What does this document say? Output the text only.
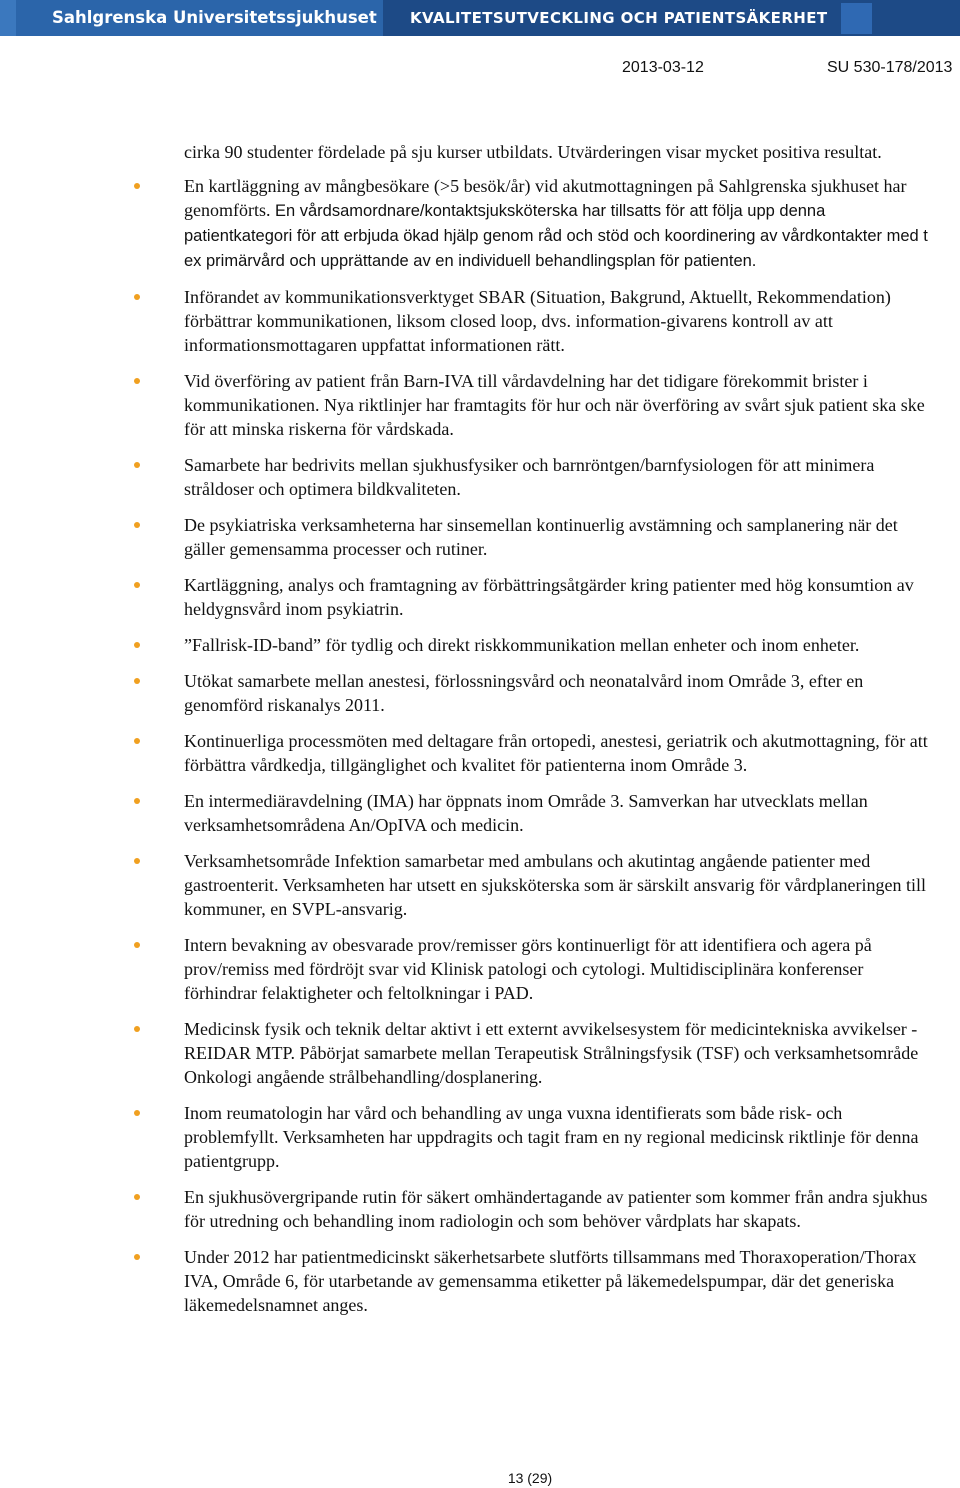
Sahlgrenska Universitetssjukhuset	KVALITETSUTVECKLING OCH PATIENTSÄKERHET
2013-03-12	SU 530-178/2013

cirka 90 studenter fördelade på sju kurser utbildats. Utvärderingen visar mycket positiva resultat.

En kartläggning av mångbesökare (>5 besök/år) vid akutmottagningen på Sahlgrenska sjukhuset har genomförts. En vårdsamordnare/kontaktsjuksköterska har tillsatts för att följa upp denna patientkategori för att erbjuda ökad hjälp genom råd och stöd och koordinering av vårdkontakter med t ex primärvård och upprättande av en individuell behandlingsplan för patienten.

Införandet av kommunikationsverktyget SBAR (Situation, Bakgrund, Aktuellt, Rekommendation) förbättrar kommunikationen, liksom closed loop, dvs. information-givarens kontroll av att informationsmottagaren uppfattat informationen rätt.

Vid överföring av patient från Barn-IVA till vårdavdelning har det tidigare förekommit brister i kommunikationen. Nya riktlinjer har framtagits för hur och när överföring av svårt sjuk patient ska ske för att minska riskerna för vårdskada.

Samarbete har bedrivits mellan sjukhusfysiker och barnröntgen/barnfysiologen för att minimera stråldoser och optimera bildkvaliteten.

De psykiatriska verksamheterna har sinsemellan kontinuerlig avstämning och samplanering när det gäller gemensamma processer och rutiner.

Kartläggning, analys och framtagning av förbättringsåtgärder kring patienter med hög konsumtion av heldygnsvård inom psykiatrin.

”Fallrisk-ID-band” för tydlig och direkt riskkommunikation mellan enheter och inom enheter.

Utökat samarbete mellan anestesi, förlossningsvård och neonatalvård inom Område 3, efter en genomförd riskanalys 2011.

Kontinuerliga processmöten med deltagare från ortopedi, anestesi, geriatrik och akutmottagning, för att förbättra vårdkedja, tillgänglighet och kvalitet för patienterna inom Område 3.

En intermediäravdelning (IMA) har öppnats inom Område 3. Samverkan har utvecklats mellan verksamhetsområdena An/OpIVA och medicin.

Verksamhetsområde Infektion samarbetar med ambulans och akutintag angående patienter med gastroenterit. Verksamheten har utsett en sjuksköterska som är särskilt ansvarig för vårdplaneringen till kommuner, en SVPL-ansvarig.

Intern bevakning av obesvarade prov/remisser görs kontinuerligt för att identifiera och agera på prov/remiss med fördröjt svar vid Klinisk patologi och cytologi. Multidisciplinära konferenser förhindrar felaktigheter och feltolkningar i PAD.

Medicinsk fysik och teknik deltar aktivt i ett externt avvikelsesystem för medicintekniska avvikelser - REIDAR MTP. Påbörjat samarbete mellan Terapeutisk Strålningsfysik (TSF) och verksamhetsområde Onkologi angående strålbehandling/dosplanering.

Inom reumatologin har vård och behandling av unga vuxna identifierats som både risk- och problemfyllt. Verksamheten har uppdragits och tagit fram en ny regional medicinsk riktlinje för denna patientgrupp.

En sjukhusövergripande rutin för säkert omhändertagande av patienter som kommer från andra sjukhus för utredning och behandling inom radiologin och som behöver vårdplats har skapats.

Under 2012 har patientmedicinskt säkerhetsarbete slutförts tillsammans med Thoraxoperation/Thorax IVA, Område 6, för utarbetande av gemensamma etiketter på läkemedelspumpar, där det generiska läkemedelsnamnet anges.

13 (29)
